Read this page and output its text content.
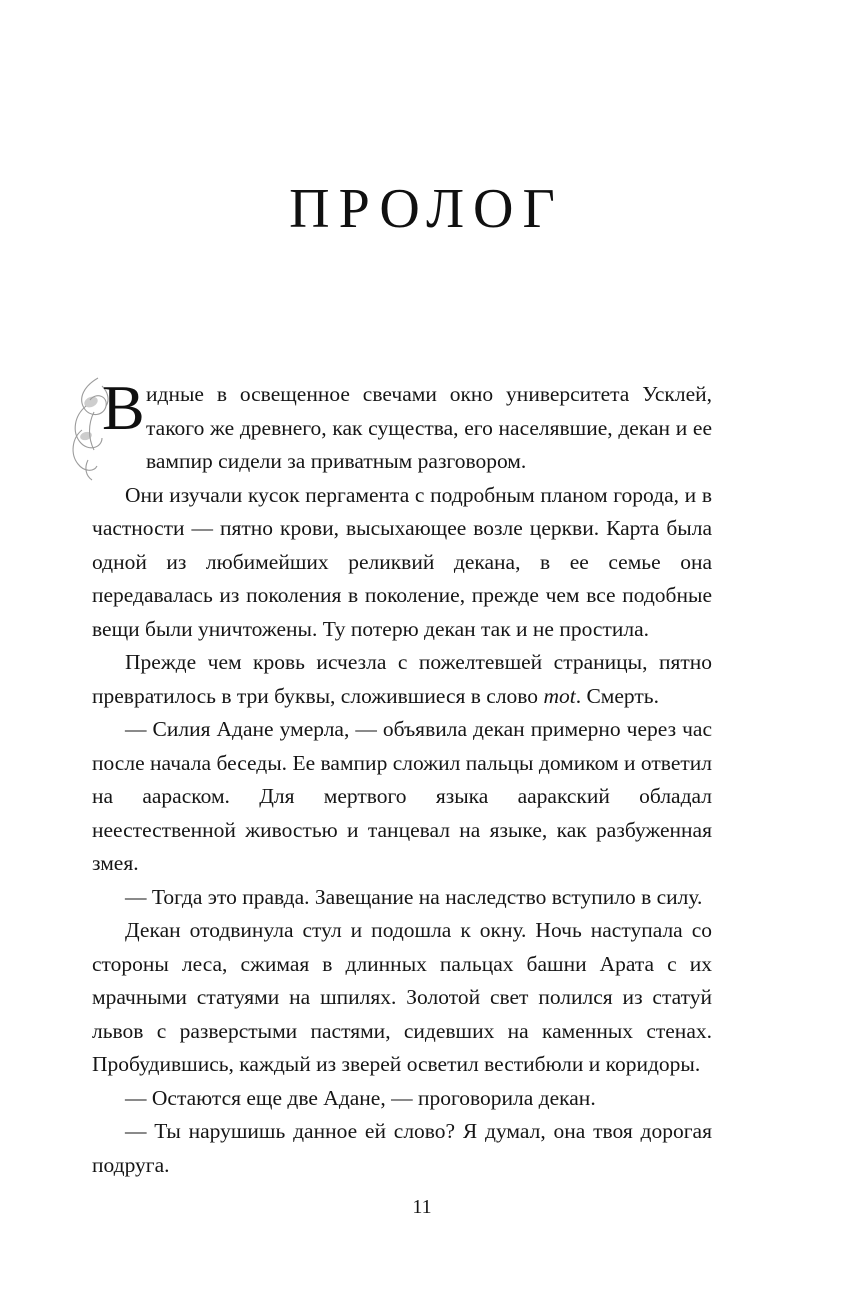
ПРОЛОГ

В идные в освещенное свечами окно университета Усклей, такого же древнего, как существа, его населявшие, декан и ее вампир сидели за приватным разговором.

Они изучали кусок пергамента с подробным планом города, и в частности — пятно крови, высыхающее возле церкви. Карта была одной из любимейших реликвий декана, в ее семье она передавалась из поколения в поколение, прежде чем все подобные вещи были уничтожены. Ту потерю декан так и не простила.

Прежде чем кровь исчезла с пожелтевшей страницы, пятно превратилось в три буквы, сложившиеся в слово mot. Смерть.

— Силия Адане умерла, — объявила декан примерно через час после начала беседы. Ее вампир сложил пальцы домиком и ответил на аараском. Для мертвого языка ааракский обладал неестественной живостью и танцевал на языке, как разбуженная змея.

— Тогда это правда. Завещание на наследство вступило в силу.

Декан отодвинула стул и подошла к окну. Ночь наступала со стороны леса, сжимая в длинных пальцах башни Арата с их мрачными статуями на шпилях. Золотой свет полился из статуй львов с разверстыми пастями, сидевших на каменных стенах. Пробудившись, каждый из зверей осветил вестибюли и коридоры.

— Остаются еще две Адане, — проговорила декан.

— Ты нарушишь данное ей слово? Я думал, она твоя дорогая подруга.

11
